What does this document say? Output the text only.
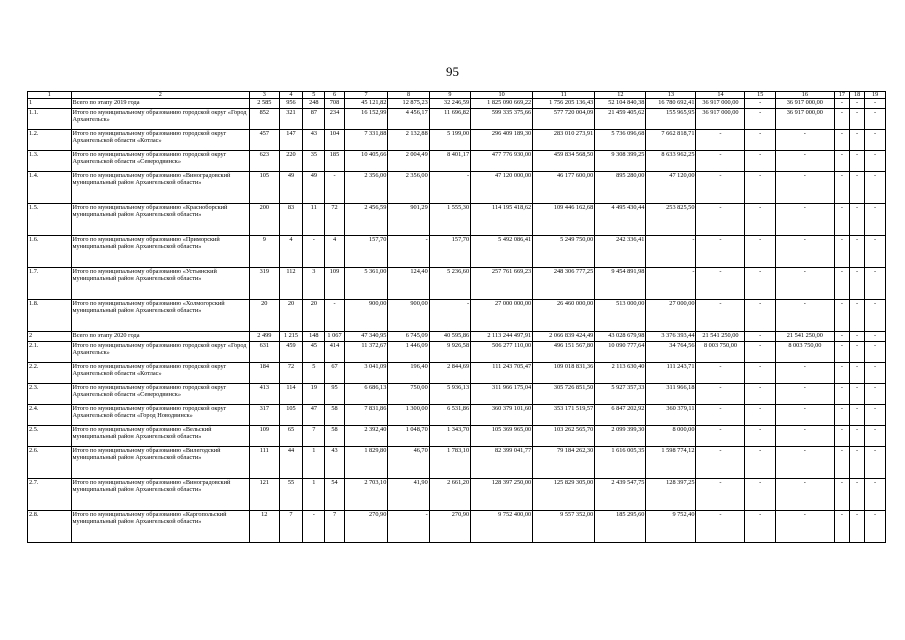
95
1	2	3	4	5	6	7	8	9	10	11	12	13	14	15	16	17	18	19
1	Всего по этапу 2019 года	2 585	956	248	708	45 121,82	12 875,23	32 246,59	1 825 090 669,22	1 756 205 136,43	52 104 840,38	16 780 692,41	36 917 000,00	-	36 917 000,00	-	-	-
1.1.	Итого по муниципальному образованию городской округ «Город Архангельск»	852	321	87	234	16 152,99	4 456,17	11 696,82	599 335 375,66	577 720 004,09	21 459 405,62	155 965,95	36 917 000,00	-	36 917 000,00	-	-	-
1.2.	Итого по муниципальному образованию городской округ Архангельской области «Котлас»	457	147	43	104	7 331,88	2 132,88	5 199,00	296 409 189,30	283 010 273,91	5 736 096,68	7 662 818,71	-	-	-	-	-	-
1.3.	Итого по муниципальному образованию городской округ Архангельской области «Северодвинск»	623	220	35	185	10 405,66	2 004,49	8 401,17	477 776 930,00	459 834 568,50	9 308 399,25	8 633 962,25	-	-	-	-	-	-
1.4.	Итого по муниципальному образованию «Виноградовский муниципальный район Архангельской области»	105	49	49	-	2 356,00	2 356,00	-	47 120 000,00	46 177 600,00	895 280,00	47 120,00	-	-	-	-	-	-
1.5.	Итого по муниципальному образованию «Красноборский муниципальный район Архангельской области»	200	83	11	72	2 456,59	901,29	1 555,30	114 195 418,62	109 446 162,68	4 495 430,44	253 825,50	-	-	-	-	-	-
1.6.	Итого по муниципальному образованию «Приморский муниципальный район Архангельской области»	9	4	-	4	157,70	-	157,70	5 492 086,41	5 249 750,00	242 336,41	-	-	-	-	-	-	-
1.7.	Итого по муниципальному образованию «Устьянский муниципальный район Архангельской области»	319	112	3	109	5 361,00	124,40	5 236,60	257 761 669,23	248 306 777,25	9 454 891,98	-	-	-	-	-	-	-
1.8.	Итого по муниципальному образованию «Холмогорский муниципальный район Архангельской области»	20	20	20	-	900,00	900,00	-	27 000 000,00	26 460 000,00	513 000,00	27 000,00	-	-	-	-	-	-
2	Всего по этапу 2020 года	2 499	1 215	148	1 067	47 340,95	6 745,09	40 595,86	2 113 244 497,91	2 066 839 424,49	43 028 679,98	3 376 393,44	21 541 250,00	-	21 541 250,00	-	-	-
2.1.	Итого по муниципальному образованию городской округ «Город Архангельск»	631	459	45	414	11 372,67	1 446,09	9 926,58	506 277 110,00	496 151 567,80	10 090 777,64	34 764,56	8 003 750,00	-	8 003 750,00	-	-	-
2.2.	Итого по муниципальному образованию городской округ Архангельской области «Котлас»	184	72	5	67	3 041,09	196,40	2 844,69	111 243 705,47	109 018 831,36	2 113 630,40	111 243,71	-	-	-	-	-	-
2.3.	Итого по муниципальному образованию городской округ Архангельской области «Северодвинск»	413	114	19	95	6 686,13	750,00	5 936,13	311 966 175,04	305 726 851,50	5 927 357,33	311 966,18	-	-	-	-	-	-
2.4.	Итого по муниципальному образованию городской округ Архангельской области «Город Новодвинск»	317	105	47	58	7 831,86	1 300,00	6 531,86	360 379 101,60	353 171 519,57	6 847 202,92	360 379,11	-	-	-	-	-	-
2.5.	Итого по муниципальному образованию «Вельский муниципальный район Архангельской области»	109	65	7	58	2 392,40	1 048,70	1 343,70	105 369 965,00	103 262 565,70	2 099 399,30	8 000,00	-	-	-	-	-	-
2.6.	Итого по муниципальному образованию «Вилегодский муниципальный район Архангельской области»	111	44	1	43	1 829,80	46,70	1 783,10	82 399 041,77	79 184 262,30	1 616 005,35	1 598 774,12	-	-	-	-	-	-
2.7.	Итого по муниципальному образованию «Виноградовский муниципальный район Архангельской области»	121	55	1	54	2 703,10	41,90	2 661,20	128 397 250,00	125 829 305,00	2 439 547,75	128 397,25	-	-	-	-	-	-
2.8.	Итого по муниципальному образованию «Каргопольский муниципальный район Архангельской области»	12	7	-	7	270,90	-	270,90	9 752 400,00	9 557 352,00	185 295,60	9 752,40	-	-	-	-	-	-
